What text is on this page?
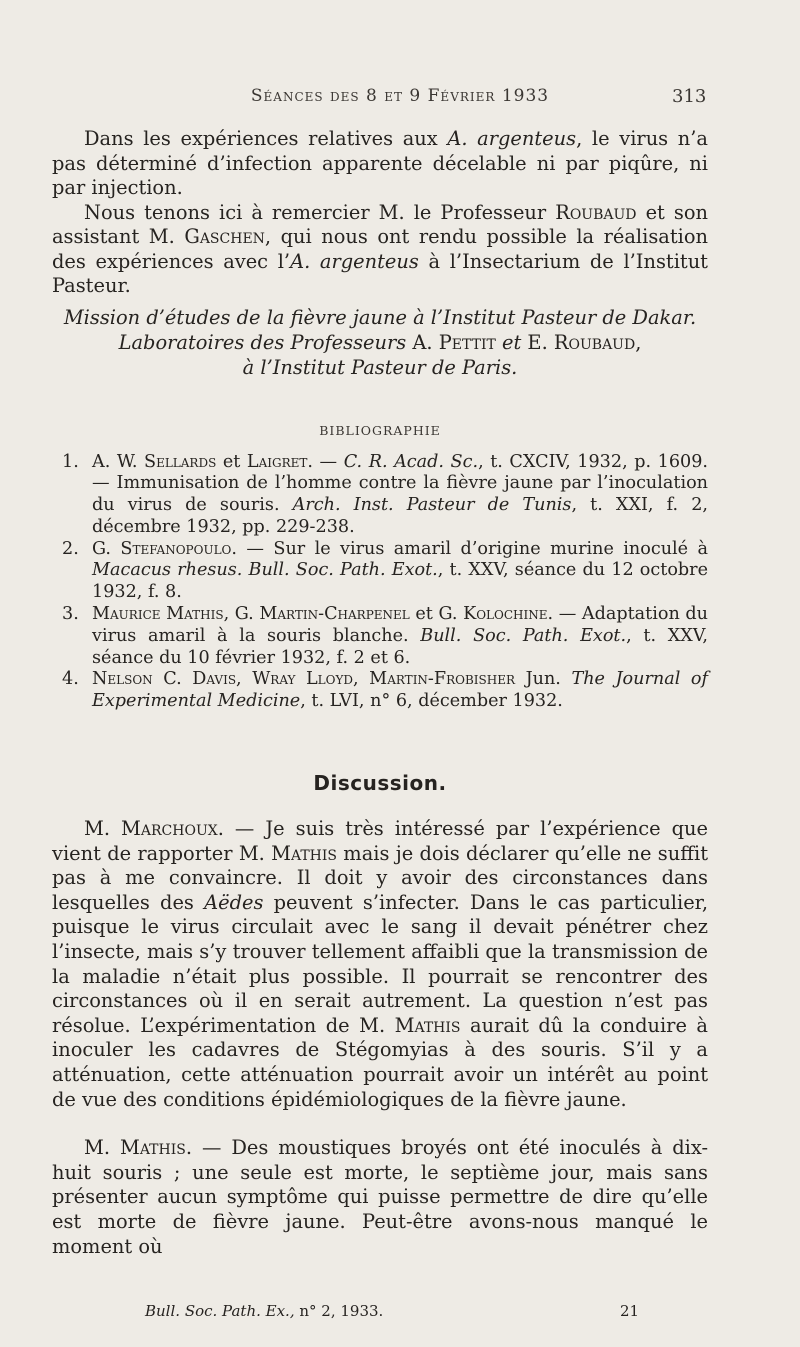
Séances des 8 et 9 Février 1933	313

Dans les expériences relatives aux A. argenteus, le virus n’a pas déterminé d’infection apparente décelable ni par piqûre, ni par injection.

Nous tenons ici à remercier M. le Professeur Roubaud et son assistant M. Gaschen, qui nous ont rendu possible la réalisation des expériences avec l’A. argenteus à l’Insectarium de l’Institut Pasteur.

Mission d’études de la fièvre jaune à l’Institut Pasteur de Dakar.
Laboratoires des Professeurs A. Pettit et E. Roubaud,
à l’Institut Pasteur de Paris.
BIBLIOGRAPHIE
1. A. W. Sellards et Laigret. — C. R. Acad. Sc., t. CXCIV, 1932, p. 1609. — Immunisation de l’homme contre la fièvre jaune par l’inoculation du virus de souris. Arch. Inst. Pasteur de Tunis, t. XXI, f. 2, décembre 1932, pp. 229-238.
2. G. Stefanopoulo. — Sur le virus amaril d’origine murine inoculé à Macacus rhesus. Bull. Soc. Path. Exot., t. XXV, séance du 12 octobre 1932, f. 8.
3. Maurice Mathis, G. Martin-Charpenel et G. Kolochine. — Adaptation du virus amaril à la souris blanche. Bull. Soc. Path. Exot., t. XXV, séance du 10 février 1932, f. 2 et 6.
4. Nelson C. Davis, Wray Lloyd, Martin-Frobisher Jun. The Journal of Experimental Medicine, t. LVI, n° 6, décember 1932.
Discussion.

M. Marchoux. — Je suis très intéressé par l’expérience que vient de rapporter M. Mathis mais je dois déclarer qu’elle ne suffit pas à me convaincre. Il doit y avoir des circonstances dans lesquelles des Aëdes peuvent s’infecter. Dans le cas particulier, puisque le virus circulait avec le sang il devait pénétrer chez l’insecte, mais s’y trouver tellement affaibli que la transmission de la maladie n’était plus possible. Il pourrait se rencontrer des circonstances où il en serait autrement. La question n’est pas résolue. L’expérimentation de M. Mathis aurait dû la conduire à inoculer les cadavres de Stégomyias à des souris. S’il y a atténuation, cette atténuation pourrait avoir un intérêt au point de vue des conditions épidémiologiques de la fièvre jaune.

M. Mathis. — Des moustiques broyés ont été inoculés à dix-huit souris ; une seule est morte, le septième jour, mais sans présenter aucun symptôme qui puisse permettre de dire qu’elle est morte de fièvre jaune. Peut-être avons-nous manqué le moment où

Bull. Soc. Path. Ex., n° 2, 1933.	21
